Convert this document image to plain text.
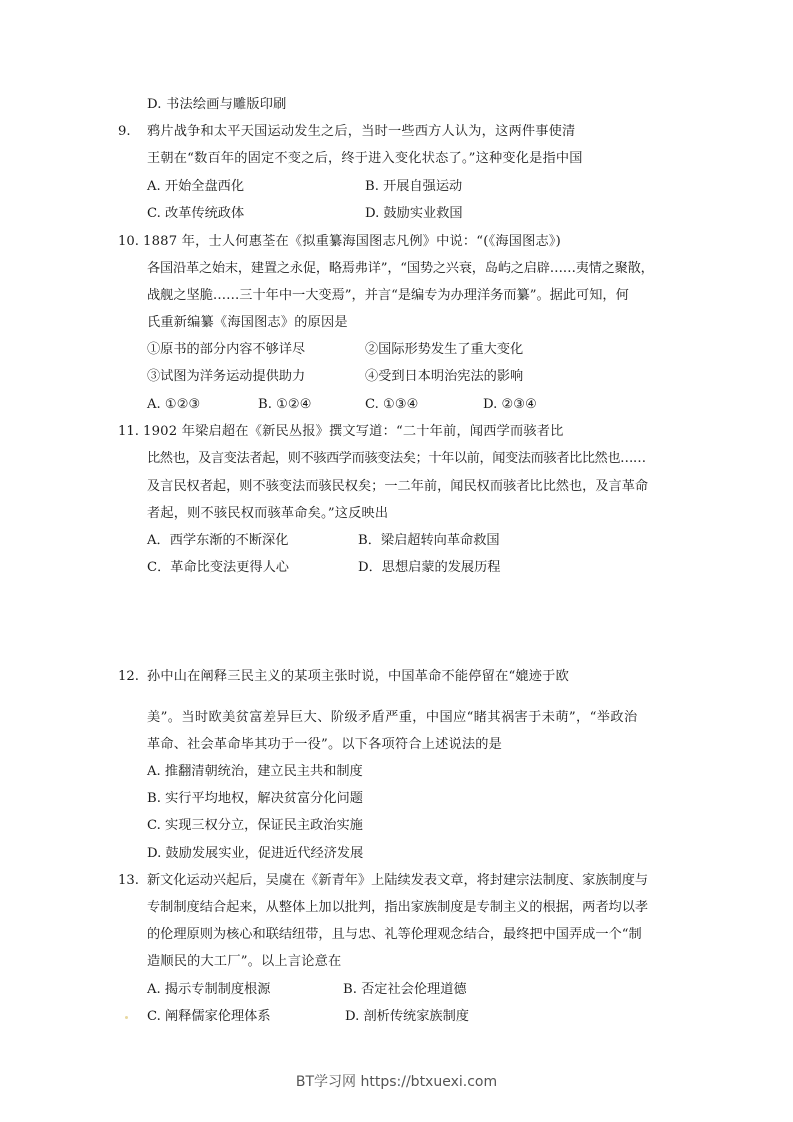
D. 书法绘画与雕版印刷
9. 鸦片战争和太平天国运动发生之后，当时一些西方人认为，这两件事使清
王朝在“数百年的固定不变之后，终于进入变化状态了。”这种变化是指中国
A. 开始全盘西化	B. 开展自强运动
C. 改革传统政体	D. 鼓励实业救国
10. 1887 年，士人何惠荃在《拟重纂海国图志凡例》中说：“(《海国图志》)
各国沿革之始末，建置之永促，略焉弗详”，“国势之兴衰，岛屿之启辟……夷情之聚散，
战舰之坚脆……三十年中一大变焉”，并言“是编专为办理洋务而纂”。据此可知，何
氏重新编纂《海国图志》的原因是
①原书的部分内容不够详尽	②国际形势发生了重大变化
③试图为洋务运动提供助力	④受到日本明治宪法的影响
A. ①②③	B. ①②④	C. ①③④	D. ②③④
11. 1902 年梁启超在《新民丛报》撰文写道：“二十年前，闻西学而骇者比
比然也，及言变法者起，则不骇西学而骇变法矣；十年以前，闻变法而骇者比比然也……
及言民权者起，则不骇变法而骇民权矣；一二年前，闻民权而骇者比比然也，及言革命
者起，则不骇民权而骇革命矣。”这反映出
A．西学东渐的不断深化	B．梁启超转向革命救国
C．革命比变法更得人心	D．思想启蒙的发展历程
12. 孙中山在阐释三民主义的某项主张时说，中国革命不能停留在“媲迹于欧
美”。当时欧美贫富差异巨大、阶级矛盾严重，中国应“睹其祸害于未萌”，“举政治
革命、社会革命毕其功于一役”。以下各项符合上述说法的是
A. 推翻清朝统治，建立民主共和制度
B. 实行平均地权，解决贫富分化问题
C. 实现三权分立，保证民主政治实施
D. 鼓励发展实业，促进近代经济发展
13. 新文化运动兴起后，吴虞在《新青年》上陆续发表文章，将封建宗法制度、家族制度与
专制制度结合起来，从整体上加以批判，指出家族制度是专制主义的根据，两者均以孝
的伦理原则为核心和联结纽带，且与忠、礼等伦理观念结合，最终把中国弄成一个“制
造顺民的大工厂”。以上言论意在
A. 揭示专制制度根源	B. 否定社会伦理道德
C. 阐释儒家伦理体系	D. 剖析传统家族制度
BT学习网 https://btxuexi.com
